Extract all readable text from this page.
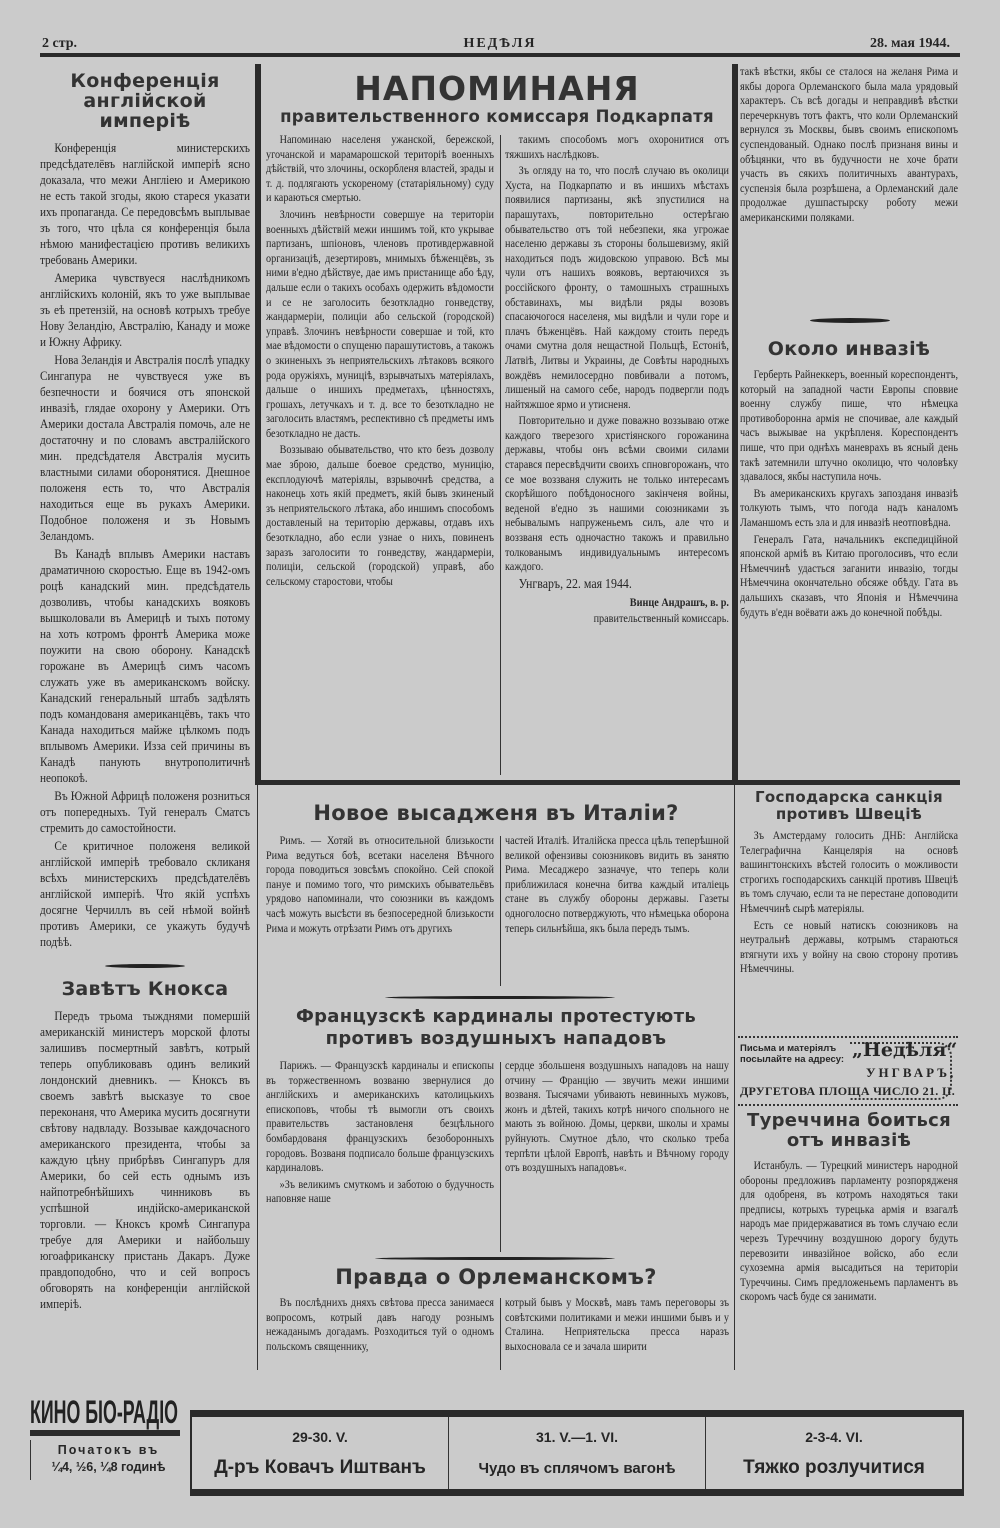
2 стр.	НЕДѢЛЯ	28. мая 1944.
Конференція англійской имперіѣ

Конференція министерскихъ предсѣдателёвъ наглійской имперіѣ ясно доказала, что межи Англіею и Америкою не есть такой згоды, якою стареся указати ихъ пропаганда. Се передовсѣмъ выплывае зъ того, что цѣла ся конференція была нѣмою манифестацією противъ великихъ требовань Америки.

Америка чувствуеся наслѣдникомъ англійскихъ колоній, якъ то уже выплывае зъ еѣ претензій, на основѣ котрыхъ требуе Нову Зеландію, Австралію, Канаду и може и Южну Африку.

Нова Зеландія и Австралія послѣ упадку Сингапура не чувствуеся уже въ безпечности и боячися отъ японской инвазіѣ, глядае охорону у Америки. Отъ Америки достала Австралія помочь, але не достаточну и по словамъ австралійского мин. предсѣдателя Австралія мусить властными силами оборонятися. Днешное положеня есть то, что Австралія находиться еще въ рукахъ Америки. Подобное положеня и зъ Новымъ Зеландомъ.

Въ Канадѣ вплывъ Америки наставъ драматичною скоростью. Еще въ 1942-омъ роцѣ канадский мин. предсѣдатель дозволивъ, чтобы канадскихъ вояковъ вышколовали въ Америцѣ и тыхъ потому на хоть котромъ фронтѣ Америка може поужити на свою оборону. Канадскѣ горожане въ Америцѣ симъ часомъ служать уже въ американскомъ войску. Канадский генеральный штабъ задѣлять подъ командованя американцёвъ, такъ что Канада находиться майже цѣлкомъ подъ вплывомъ Америки. Изза сей причины въ Канадѣ панують внутрополитичнѣ неопокоѣ.

Въ Южной Африцѣ положеня розниться отъ попередныхъ. Туй генералъ Сматсъ стремить до самостойности.

Се критичное положеня великой англійской имперіѣ требовало скликаня всѣхъ министерскихъ предсѣдателёвъ англійской имперіѣ. Что якій успѣхъ досягне Черчиллъ въ сей нѣмой войнѣ противъ Америки, се укажуть будучѣ подѣѣ.

Завѣтъ Кнокса

Передъ трьома тыжднями помершій американскій министеръ морской флоты залишивъ посмертный завѣтъ, котрый теперь опубликовавъ одинъ великий лондонский дневникъ. — Кноксъ въ своемъ завѣтѣ высказуе то свое переконаня, что Америка мусить досягнути свѣтову надвладу. Воззывае каждочасного американского президента, чтобы за каждую цѣну прибрѣвъ Сингапуръ для Америки, бо сей есть однымъ изъ найпотребнѣйшихъ чинниковъ въ успѣшной индійско-американской торговли. — Кноксъ кромѣ Сингапура требуе для Америки и найбольшу югоафриканску пристань Дакаръ. Дуже правдоподобно, что и сей вопросъ обговорять на конференціи англійской имперіѣ.

НАПОМИНАНЯ
правительственного комиссаря Подкарпатя

Напоминаю населеня ужанской, бережской, угочанской и марамарошской територіѣ военныхъ дѣйствій, что злочины, оскорбленя властей, зрады и т. д. подлягають ускореному (статаріяльному) суду и караються смертью.

Злочинъ невѣрности совершуе на територіи военныхъ дѣйствій межи иншимъ той, кто укрывае партизанъ, шпіоновъ, членовъ противдержавной организаціѣ, дезертировъ, мнимыхъ бѣженцёвъ, зъ ними в'едно дѣйствуе, дае имъ пристанище або ѣду, дальше если о такихъ особахъ одержить вѣдомости и се не заголосить безоткладно гонведству, жандармеріи, полиціи або сельской (городской) управѣ. Злочинъ невѣрности совершае и той, кто мае вѣдомости о спущеню парашутистовъ, а такожъ о зкиненыхъ зъ неприятельскихъ лѣтаковъ всякого рода оружіяхъ, муниціѣ, взрывчатыхъ матеріялахъ, дальше о иншихъ предметахъ, цѣнностяхъ, грошахъ, летучкахъ и т. д. все то безоткладно не заголосить властямъ, респективно сѣ предметы имъ безоткладно не дасть.

Воззываю обывательство, что кто безъ дозволу мае зброю, дальше боевое средство, муницію, експлодуючѣ матеріялы, взрывочнѣ средства, а наконець хоть якій предметъ, якій бывъ зкиненый зъ неприятельского лѣтака, або иншимъ способомъ доставленый на територію державы, отдавъ ихъ безоткладно, або если узнае о нихъ, повиненъ заразъ заголосити то гонведству, жандармеріи, полиціи, сельской (городской) управѣ, або сельскому старостови, чтобы

такимъ способомъ могъ охоронитися отъ тяжшихъ наслѣдковъ.

Зъ огляду на то, что послѣ случаю въ околици Хуста, на Подкарпатю и въ иншихъ мѣстахъ появилися партизаны, якѣ зпустилися на парашутахъ, повторительно остерѣгаю обывательство отъ той небезпеки, яка угрожае населеню державы зъ стороны большевизму, якій находиться подъ жидовскою управою. Всѣ мы чули отъ нашихъ вояковъ, вертаючихся зъ россійского фронту, о тамошныхъ страшныхъ обставинахъ, мы видѣли ряды возовъ спасаючогося населеня, мы видѣли и чули горе и плачъ бѣженцёвъ. Най каждому стоить передъ очами смутна доля нещастной Польщѣ, Естоніѣ, Латвіѣ, Литвы и Украины, де Совѣты народныхъ вождёвъ немилосердно повбивали а потомъ, лишеный на самого себе, народъ подвергли подъ найтяжшое ярмо и утисненя.

Повторительно и дуже поважно воззываю отже каждого тверезого христіянского горожанина державы, чтобы онъ всѣми своими силами старався пересвѣдчити своихъ спновгорожанъ, что се мое воззваня служить не только интересамъ скорѣйшого побѣдоносного закінченя войны, веденой в'едно зъ нашими союзниками зъ небывалымъ напруженьемъ силъ, але что и воззваня есть одночастно такожъ и правильно толкованымъ индивидуальнымъ интересомъ каждого.

Унгваръ, 22. мая 1944.

Винце Андрашъ, в. р.

правительственный комиссарь.

Новое высадженя въ Италіи?

Римъ. — Хотяй въ относительной близькости Рима ведуться боѣ, всетаки населеня Вѣчного города поводиться зовсѣмъ спокойно. Сей спокой пануе и помимо того, что римскихъ обывательёвъ урядово напоминали, что союзники въ каждомъ часѣ можуть высѣсти въ безпосередной близькости Рима и можуть отрѣзати Римъ отъ другихъ

частей Италіѣ. Италійска пресса цѣль теперѣшной великой офензивы союзниковъ видить въ занятю Рима. Месаджеро зазначуе, что теперь коли приближилася конечна битва каждый италіець стане въ службу обороны державы. Газеты одноголосно потверджують, что нѣмецька оборона теперь сильнѣйша, якъ была передъ тымъ.

Французскѣ кардиналы протестують
противъ воздушныхъ нападовъ

Парижъ. — Французскѣ кардиналы и епископы въ торжественномъ возваню звернулися до англійскихъ и американскихъ католицькихъ епископовъ, чтобы тѣ вымогли отъ своихъ правительствъ застановленя безцѣльного бомбардованя французскихъ безоборонныхъ городовъ. Возваня подписало больше французскихъ кардиналовъ.

»Зъ великимъ смуткомъ и заботою о будучность наповняе наше

сердце збольшеня воздушныхъ нападовъ на нашу отчину — Францію — звучить межи иншими возваня. Тысячами убивають невинныхъ мужовъ, жонъ и дѣтей, такихъ котрѣ ничого спольного не мають зъ войною. Домы, церкви, школы и храмы руйнують. Смутное дѣло, что сколько треба терпѣти цѣлой Европѣ, навѣть и Вѣчному городу отъ воздушныхъ нападовъ«.

Правда о Орлеманскомъ?

Въ послѣднихъ дняхъ свѣтова пресса занимаеся вопросомъ, котрый давъ нагоду рознымъ нежаданымъ догадамъ. Розходиться туй о одномъ польскомъ священнику,

котрый бывъ у Москвѣ, мавъ тамъ переговоры зъ совѣтскими политиками и межи иншими бывъ и у Сталина. Неприятельска пресса наразъ выхосновала се и зачала ширити

такѣ вѣстки, якбы се сталося на желаня Рима и якбы дорога Орлеманского была мала урядовый характеръ. Съ всѣ догады и неправдивѣ вѣстки перечеркнувъ тотъ фактъ, что коли Орлеманский вернулся зъ Москвы, бывъ своимъ епископомъ суспендованый. Однако послѣ признаня вины и обѣцянки, что въ будучности не хоче брати участь въ сякихъ политичныхъ авантурахъ, суспензія была розрѣшена, а Орлеманский дале продолжае душпастырску роботу межи американскими поляками.

Около инвазіѣ

Герберть Райнеккеръ, военный кореспондентъ, который на западной части Европы споввие военну службу пише, что нѣмецка противоборонна армія не спочивае, але каждый часъ выжывае на укрѣпленя. Кореспондентъ пише, что при однѣхъ маневрахъ въ ясный день такѣ затемнили штучно околицю, что чоловѣку здавалося, якбы наступила ночь.

Въ американскихъ кругахъ запозданя инвазіѣ толкують тымъ, что погода надъ каналомъ Ламаншомъ есть зла и для инвазіѣ неотповѣдна.

Генералъ Гата, начальникъ експедиційной японской арміѣ въ Китаю проголосивъ, что если Нѣмеччинѣ удасться заганити инвазію, тогды Нѣмеччина окончательно обсяже обѣду. Гата въ дальшихъ сказавъ, что Японія и Нѣмеччина будуть в'едн воёвати ажъ до конечной побѣды.

Господарска санкція
противъ Швецiѣ

Зъ Амстердаму голосить ДНБ: Англійска Телеграфична Канцелярія на основѣ вашингтонскихъ вѣстей голосить о можливости строгихъ господарскихъ санкцій противъ Швецiѣ въ томъ случаю, если та не перестане доповодити Нѣмеччинѣ сырѣ матеріялы.

Есть се новый натискъ союзниковъ на неутральнѣ державы, котрымъ стараються втягнути ихъ у войну на свою сторону противъ Нѣмеччины.

Письма и матеріялъ
посылайте на адресу: „Недѣля“
УНГВАРЪ,
ДРУГЕТОВА ПЛОЩА ЧИСЛО 21. II.
Туреччина боиться
отъ инвазіѣ

Истанбулъ. — Турецкий министеръ народной обороны предложивъ парламенту розпорядженя для одобреня, въ котромъ находяться таки предписы, котрыхъ турецька армія и взагалѣ народъ мае придержаватися въ томъ случаю если черезъ Туреччину воздушною дорогу будуть перевозити инвазійное войско, або если сухоземна армія высадиться на територіи Туреччины. Симъ предложеньемъ парламентъ въ скоромъ часѣ буде ся занимати.

КИНО БІО-РАДІО
Початокъ въ
¼4, ½6, ¼8 годинѣ
29-30. V.
Д-ръ Ковачъ Иштванъ
31. V.—1. VI.
Чудо въ сплячомъ вагонѣ
2-3-4. VI.
Тяжко розлучитися
